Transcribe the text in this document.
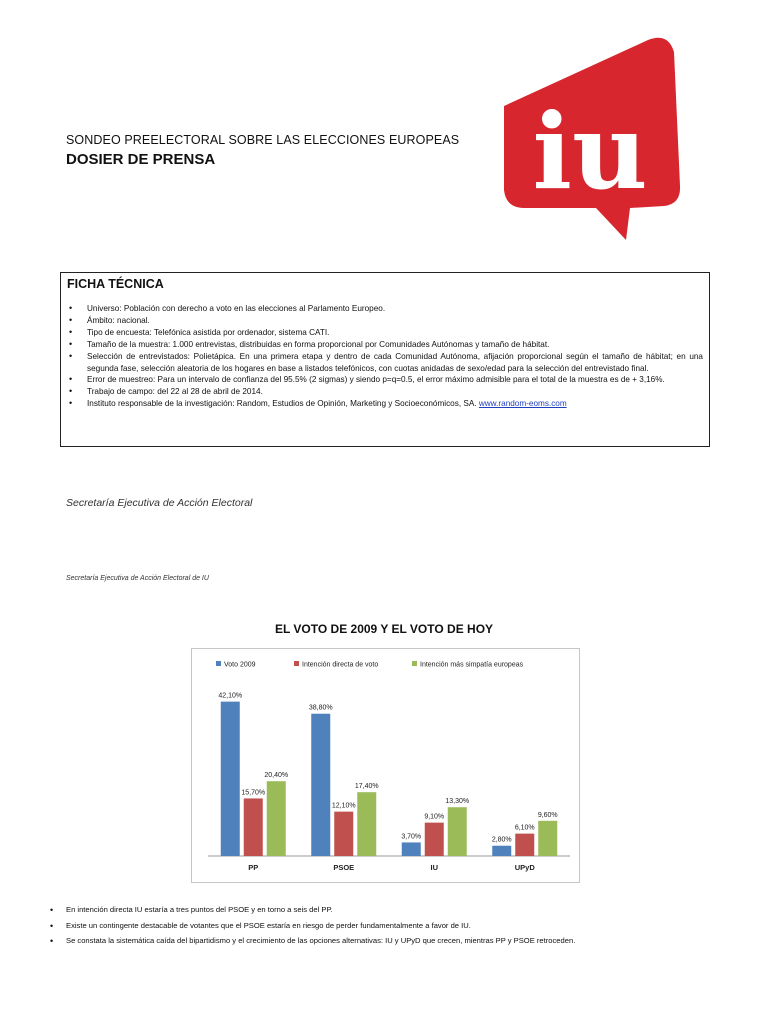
SONDEO PREELECTORAL SOBRE LAS ELECCIONES EUROPEAS
DOSIER DE PRENSA	iu
FICHA TÉCNICA
• Universo: Población con derecho a voto en las elecciones al Parlamento Europeo.
• Ámbito: nacional.
• Tipo de encuesta: Telefónica asistida por ordenador, sistema CATI.
• Tamaño de la muestra: 1.000 entrevistas, distribuidas en forma proporcional por Comunidades Autónomas y tamaño de hábitat.
• Selección de entrevistados: Polietápica. En una primera etapa y dentro de cada Comunidad Autónoma, afijación proporcional según el tamaño de hábitat; en una segunda fase, selección aleatoria de los hogares en base a listados telefónicos, con cuotas anidadas de sexo/edad para la selección del entrevistado final.
• Error de muestreo: Para un intervalo de confianza del 95.5% (2 sigmas) y siendo p=q=0.5, el error máximo admisible para el total de la muestra es de + 3,16%.
• Trabajo de campo: del 22 al 28 de abril de 2014.
• Instituto responsable de la investigación: Random, Estudios de Opinión, Marketing y Socioeconómicos, SA. www.random-eoms.com
Secretaría Ejecutiva de Acción Electoral
Secretaría Ejecutiva de Acción Electoral de IU
EL VOTO DE 2009 Y EL VOTO DE HOY
Voto 2009	Intención directa de voto	Intención más simpatía europeas
42,10%
15,70%
20,40%
PP
38,80%
12,10%
17,40%
PSOE
3,70%
9,10%
13,30%
IU
2,80%
6,10%
9,60%
UPyD
• En intención directa IU estaría a tres puntos del PSOE y en torno a seis del PP.
• Existe un contingente destacable de votantes que el PSOE estaría en riesgo de perder fundamentalmente a favor de IU.
• Se constata la sistemática caída del bipartidismo y el crecimiento de las opciones alternativas: IU y UPyD que crecen, mientras PP y PSOE retroceden.
